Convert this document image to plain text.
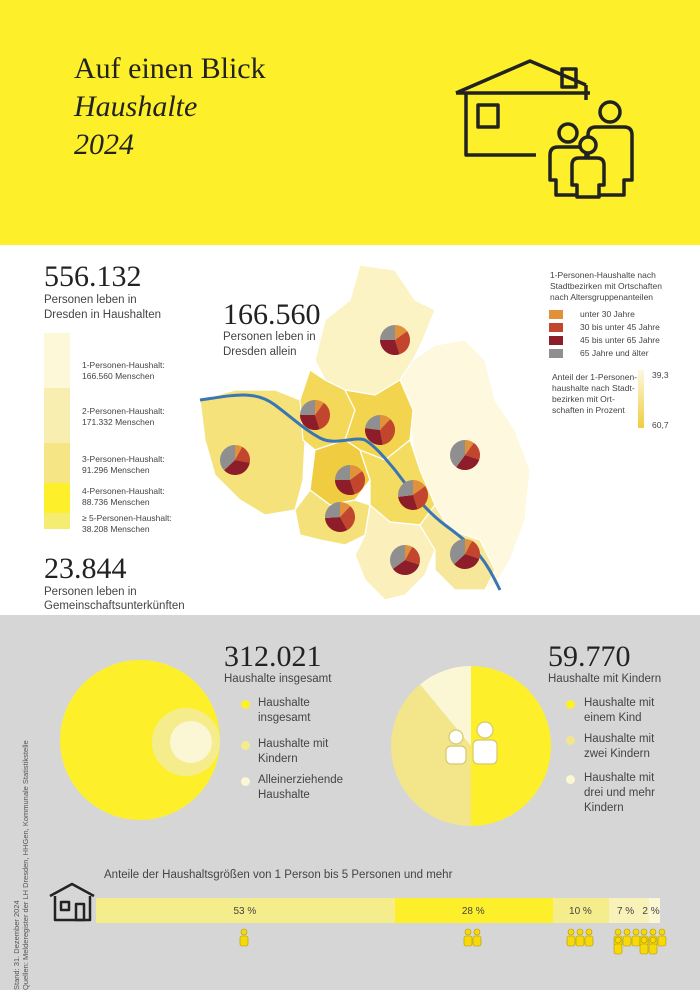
Auf einen Blick
Haushalte
2024
556.132
Personen leben in
Dresden in Haushalten
1-Personen-Haushalt:
166.560 Menschen
2-Personen-Haushalt:
171.332 Menschen
3-Personen-Haushalt:
91.296 Menschen
4-Personen-Haushalt:
88.736 Menschen
≥ 5-Personen-Haushalt:
38.208 Menschen
23.844
Personen leben in
Gemeinschaftsunterkünften
166.560
Personen leben in
Dresden allein
1-Personen-Haushalte nach
Stadtbezirken mit Ortschaften
nach Altersgruppenanteilen
unter 30 Jahre
30 bis unter 45 Jahre
45 bis unter 65 Jahre
65 Jahre und älter
Anteil der 1-Personen-
haushalte nach Stadt-
bezirken mit Ort-
schaften in Prozent
39,3
60,7
Stand: 31. Dezember 2024 Quellen: Melderegister der LH Dresden, HHGen, Kommunale Statistikstelle
312.021
Haushalte insgesamt
Haushalte
insgesamt
Haushalte mit
Kindern
Alleinerziehende
Haushalte
59.770
Haushalte mit Kindern
Haushalte mit
einem Kind
Haushalte mit
zwei Kindern
Haushalte mit
drei und mehr
Kindern
Anteile der Haushaltsgrößen von 1 Person bis 5 Personen und mehr
53 %	28 %	10 %	7 % 2 %
